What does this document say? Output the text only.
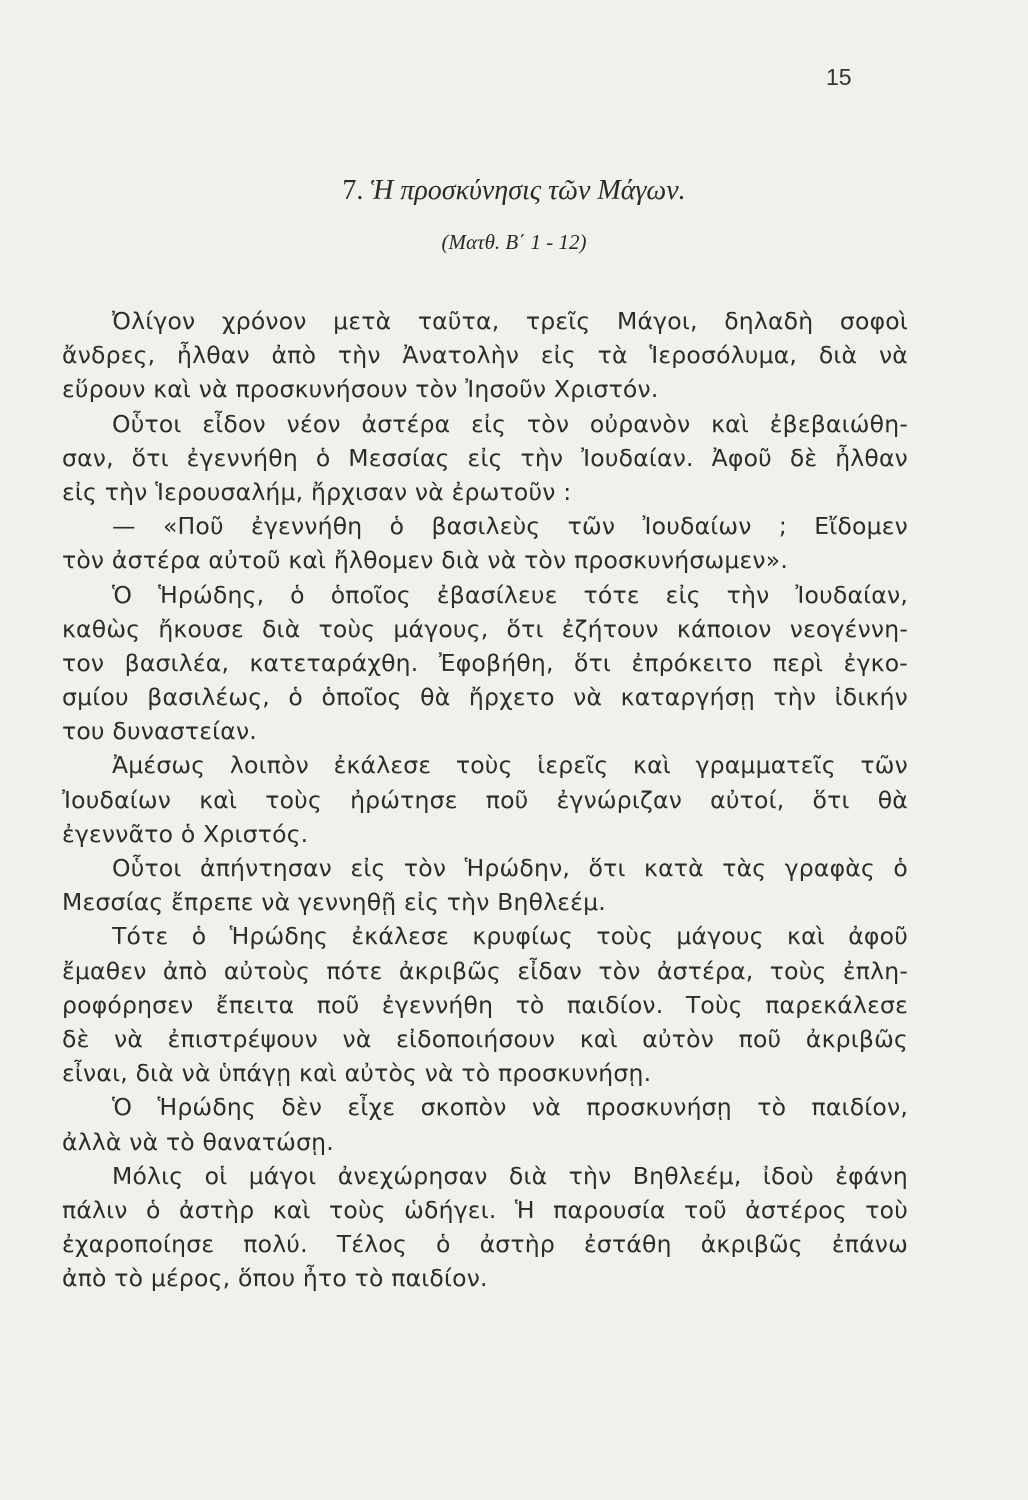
15
7. Ἡ προσκύνησις τῶν Μάγων.
(Ματθ. Β΄ 1 - 12)
Ὀλίγον χρόνον μετὰ ταῦτα, τρεῖς Μάγοι, δηλαδὴ σοφοὶ
ἄνδρες, ἦλθαν ἀπὸ τὴν Ἀνατολὴν εἰς τὰ Ἱεροσόλυμα, διὰ νὰ
εὕρουν καὶ νὰ προσκυνήσουν τὸν Ἰησοῦν Χριστόν.
Οὗτοι εἶδον νέον ἀστέρα εἰς τὸν οὐρανὸν καὶ ἐβεβαιώθη-
σαν, ὅτι ἐγεννήθη ὁ Μεσσίας εἰς τὴν Ἰουδαίαν. Ἀφοῦ δὲ ἦλθαν
εἰς τὴν Ἱερουσαλήμ, ἤρχισαν νὰ ἐρωτοῦν :
— «Ποῦ ἐγεννήθη ὁ βασιλεὺς τῶν Ἰουδαίων ; Εἴδομεν
τὸν ἀστέρα αὐτοῦ καὶ ἤλθομεν διὰ νὰ τὸν προσκυνήσωμεν».
Ὁ Ἡρώδης, ὁ ὁποῖος ἐβασίλευε τότε εἰς τὴν Ἰουδαίαν,
καθὼς ἤκουσε διὰ τοὺς μάγους, ὅτι ἐζήτουν κάποιον νεογέννη-
τον βασιλέα, κατεταράχθη. Ἐφοβήθη, ὅτι ἐπρόκειτο περὶ ἐγκο-
σμίου βασιλέως, ὁ ὁποῖος θὰ ἤρχετο νὰ καταργήσῃ τὴν ἰδικήν
του δυναστείαν.
Ἀμέσως λοιπὸν ἐκάλεσε τοὺς ἱερεῖς καὶ γραμματεῖς τῶν
Ἰουδαίων καὶ τοὺς ἠρώτησε ποῦ ἐγνώριζαν αὐτοί, ὅτι θὰ
ἐγεννᾶτο ὁ Χριστός.
Οὗτοι ἀπήντησαν εἰς τὸν Ἡρώδην, ὅτι κατὰ τὰς γραφὰς ὁ
Μεσσίας ἔπρεπε νὰ γεννηθῇ εἰς τὴν Βηθλεέμ.
Τότε ὁ Ἡρώδης ἐκάλεσε κρυφίως τοὺς μάγους καὶ ἀφοῦ
ἔμαθεν ἀπὸ αὐτοὺς πότε ἀκριβῶς εἶδαν τὸν ἀστέρα, τοὺς ἐπλη-
ροφόρησεν ἔπειτα ποῦ ἐγεννήθη τὸ παιδίον. Τοὺς παρεκάλεσε
δὲ νὰ ἐπιστρέψουν νὰ εἰδοποιήσουν καὶ αὐτὸν ποῦ ἀκριβῶς
εἶναι, διὰ νὰ ὑπάγῃ καὶ αὐτὸς νὰ τὸ προσκυνήσῃ.
Ὁ Ἡρώδης δὲν εἶχε σκοπὸν νὰ προσκυνήσῃ τὸ παιδίον,
ἀλλὰ νὰ τὸ θανατώσῃ.
Μόλις οἱ μάγοι ἀνεχώρησαν διὰ τὴν Βηθλεέμ, ἰδοὺ ἐφάνη
πάλιν ὁ ἀστὴρ καὶ τοὺς ὡδήγει. Ἡ παρουσία τοῦ ἀστέρος τοὺ
ἐχαροποίησε πολύ. Τέλος ὁ ἀστὴρ ἐστάθη ἀκριβῶς ἐπάνω
ἀπὸ τὸ μέρος, ὅπου ἦτο τὸ παιδίον.
